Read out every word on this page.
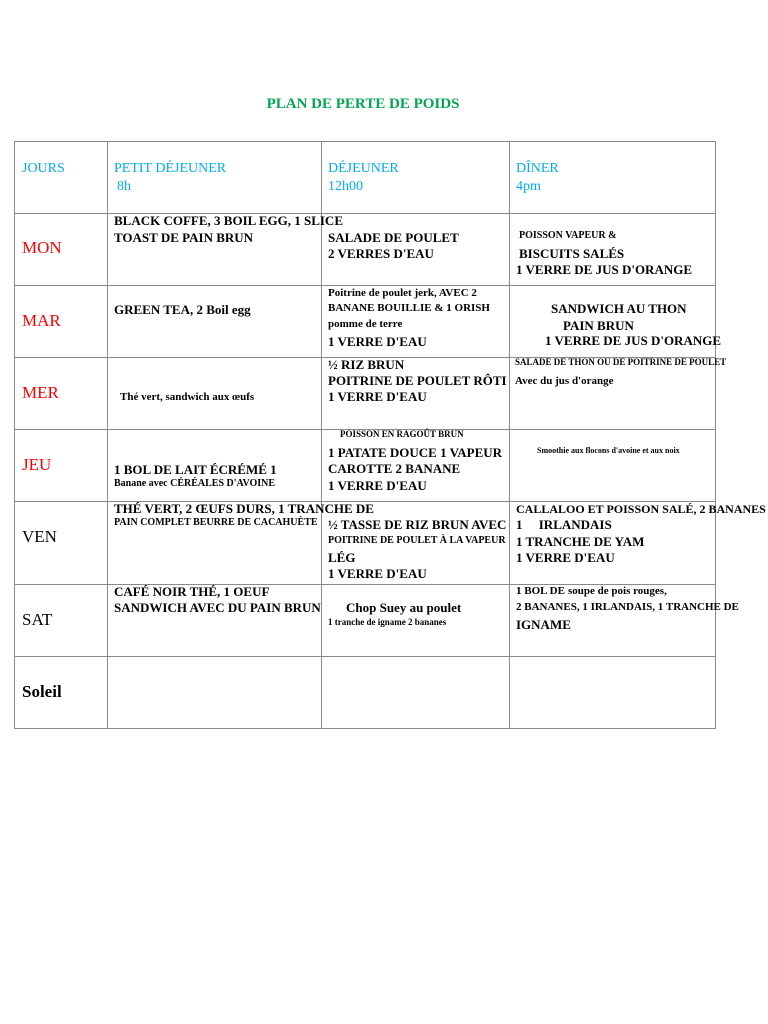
PLAN DE PERTE DE POIDS
JOURS	PETIT DÉJEUNER
8h
DÉJEUNER
12h00
DÎNER
4pm
MON
MAR
MER
JEU
VEN
SAT
Soleil
BLACK COFFE, 3 BOIL EGG, 1 SLICE
TOAST DE PAIN BRUN	SALADE DE POULET
2 VERRES D'EAU
POISSON VAPEUR &
BISCUITS SALÉS
1 VERRE DE JUS D'ORANGE
GREEN TEA, 2 Boil egg
Poitrine de poulet jerk, AVEC 2
BANANE BOUILLIE & 1 ORISH
pomme de terre
1 VERRE D'EAU
SANDWICH AU THON
PAIN BRUN
1 VERRE DE JUS D'ORANGE
Thé vert, sandwich aux œufs
½ RIZ BRUN
POITRINE DE POULET RÔTI
1 VERRE D'EAU
SALADE DE THON OU DE POITRINE DE POULET
Avec du jus d'orange
1 BOL DE LAIT ÉCRÉMÉ 1
Banane avec CÉRÉALES D'AVOINE
POISSON EN RAGOÛT BRUN
1 PATATE DOUCE 1 VAPEUR
CAROTTE 2 BANANE
1 VERRE D'EAU
Smoothie aux flocons d'avoine et aux noix
THÉ VERT, 2 ŒUFS DURS, 1 TRANCHE DE
PAIN COMPLET BEURRE DE CACAHUÈTE ½ TASSE DE RIZ BRUN AVEC
POITRINE DE POULET À LA VAPEUR
LÉG
1 VERRE D'EAU
CALLALOO ET POISSON SALÉ, 2 BANANES
1     IRLANDAIS
1 TRANCHE DE YAM
1 VERRE D'EAU
CAFÉ NOIR THÉ, 1 OEUF
SANDWICH AVEC DU PAIN BRUN Chop Suey au poulet
1 tranche de igname 2 bananes
1 BOL DE soupe de pois rouges,
2 BANANES, 1 IRLANDAIS, 1 TRANCHE DE
IGNAME
